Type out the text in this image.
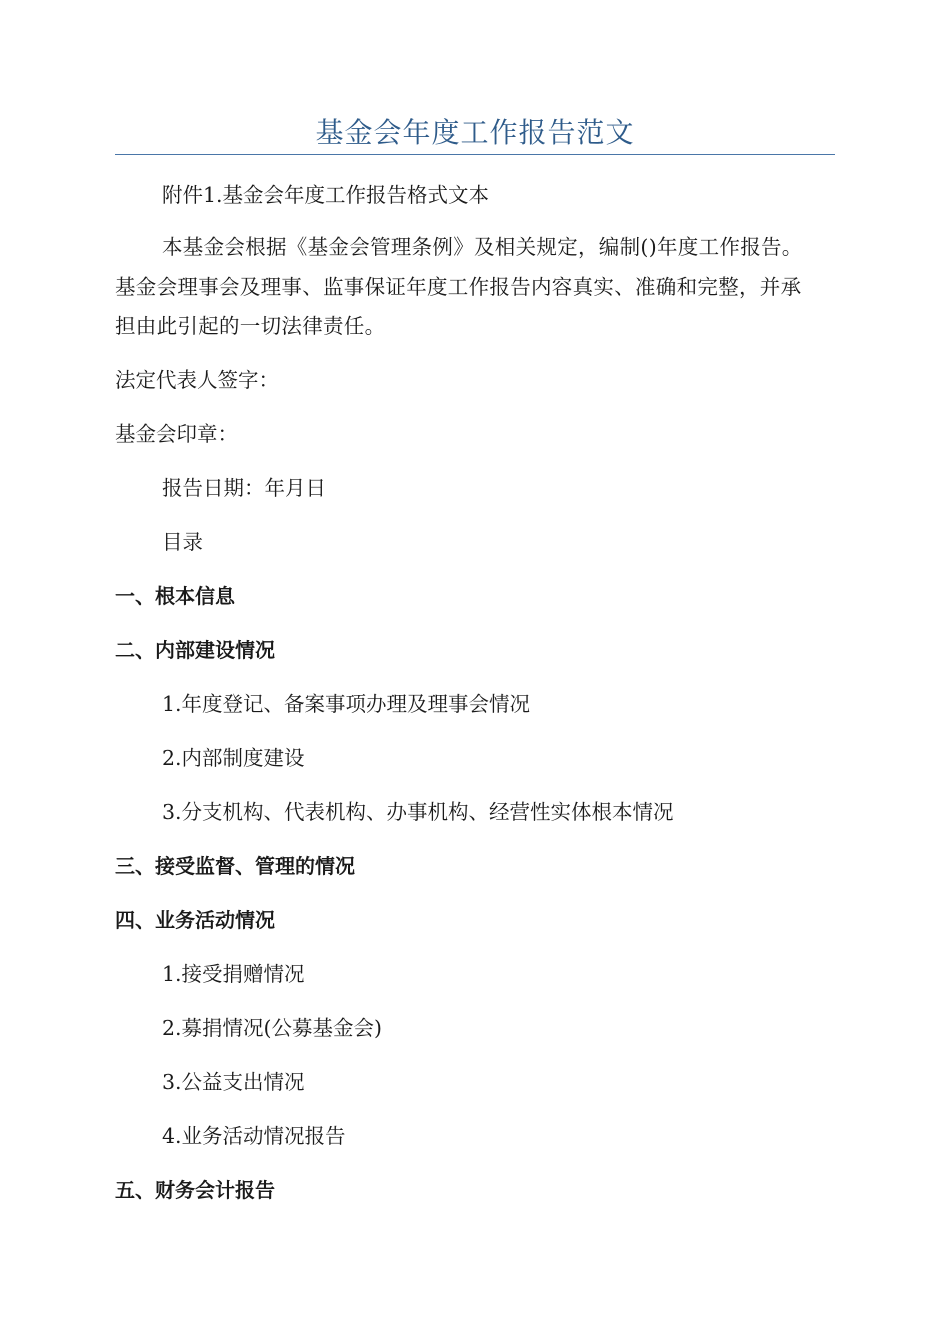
基金会年度工作报告范文
附件1.基金会年度工作报告格式文本
本基金会根据《基金会管理条例》及相关规定，编制()年度工作报告。基金会理事会及理事、监事保证年度工作报告内容真实、准确和完整，并承担由此引起的一切法律责任。
法定代表人签字：
基金会印章：
报告日期：年月日
目录
一、根本信息
二、内部建设情况
1.年度登记、备案事项办理及理事会情况
2.内部制度建设
3.分支机构、代表机构、办事机构、经营性实体根本情况
三、接受监督、管理的情况
四、业务活动情况
1.接受捐赠情况
2.募捐情况(公募基金会)
3.公益支出情况
4.业务活动情况报告
五、财务会计报告
